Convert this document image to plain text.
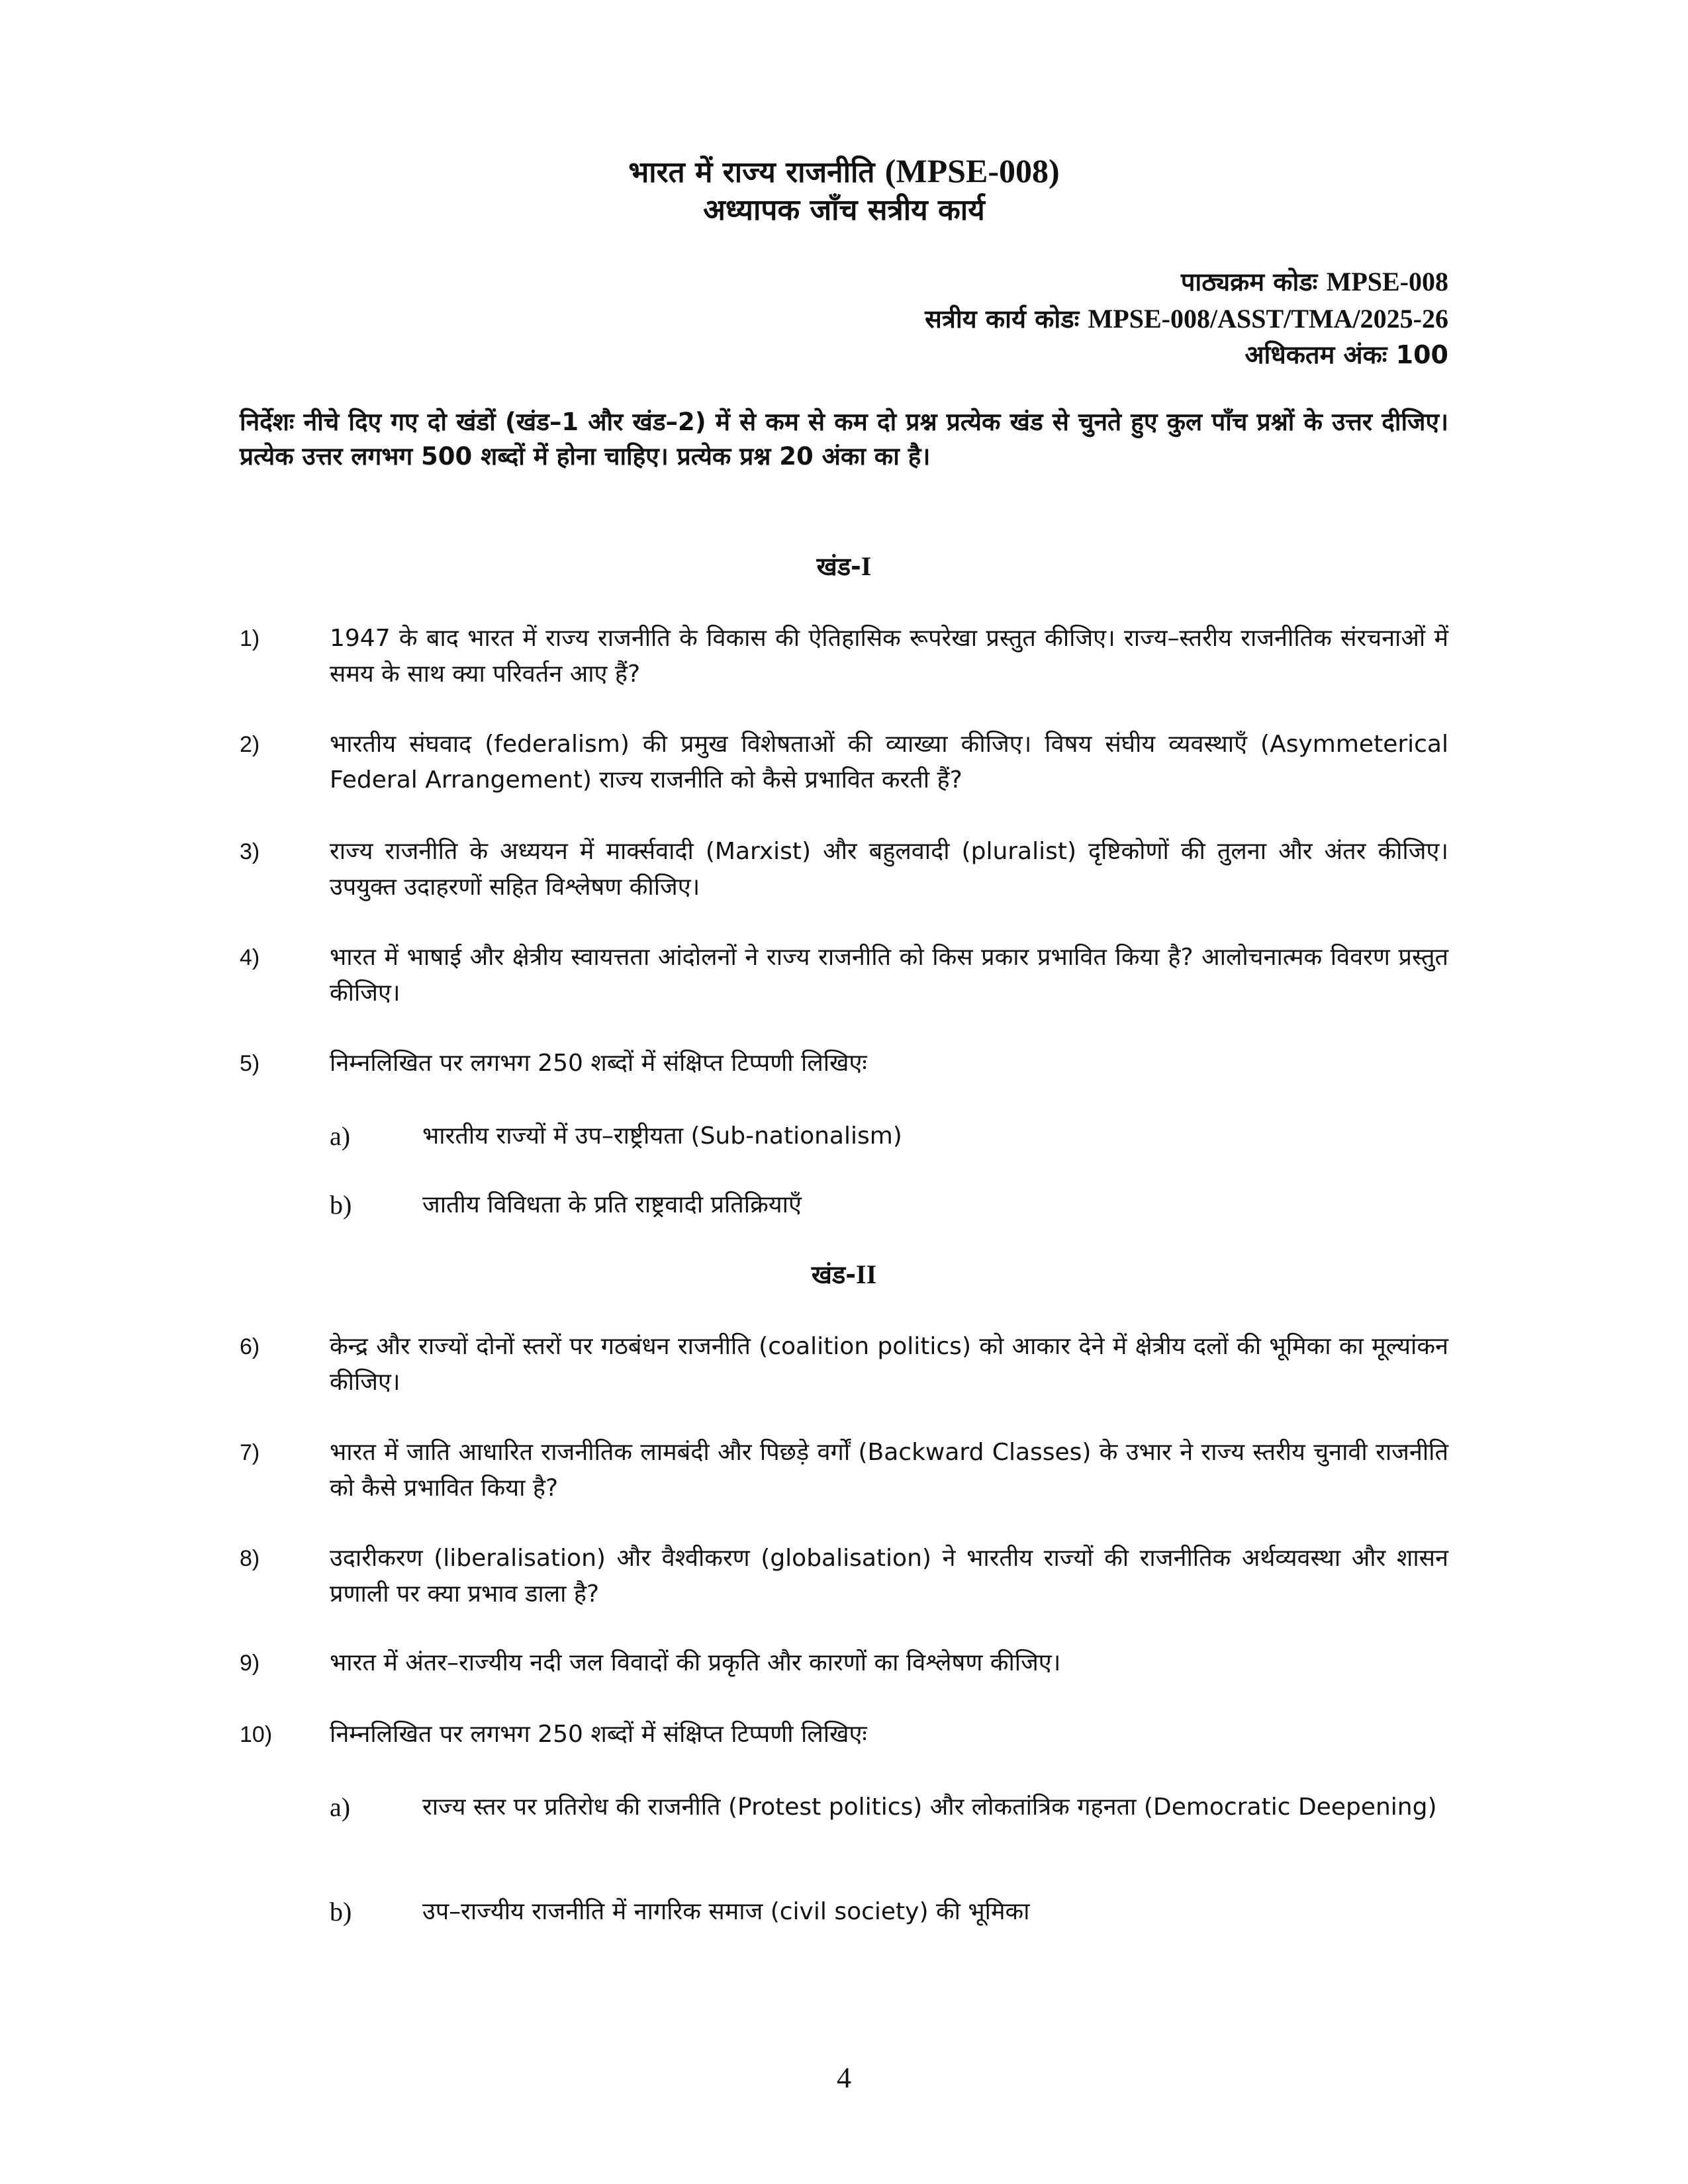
भारत में राज्य राजनीति (MPSE-008)
अध्यापक जाँच सत्रीय कार्य
पाठ्यक्रम कोडः MPSE-008
सत्रीय कार्य कोडः MPSE-008/ASST/TMA/2025-26
अधिकतम अंकः 100
निर्देशः नीचे दिए गए दो खंडों (खंड–1 और खंड–2) में से कम से कम दो प्रश्न प्रत्येक खंड से चुनते हुए कुल पाँच प्रश्नों के उत्तर दीजिए। प्रत्येक उत्तर लगभग 500 शब्दों में होना चाहिए। प्रत्येक प्रश्न 20 अंका का है।
खंड-I
1)	1947 के बाद भारत में राज्य राजनीति के विकास की ऐतिहासिक रूपरेखा प्रस्तुत कीजिए। राज्य–स्तरीय राजनीतिक संरचनाओं में समय के साथ क्या परिवर्तन आए हैं?
2)	भारतीय संघवाद (federalism) की प्रमुख विशेषताओं की व्याख्या कीजिए। विषय संघीय व्यवस्थाएँ (Asymmeterical Federal Arrangement) राज्य राजनीति को कैसे प्रभावित करती हैं?
3)	राज्य राजनीति के अध्ययन में मार्क्सवादी (Marxist) और बहुलवादी (pluralist) दृष्टिकोणों की तुलना और अंतर कीजिए। उपयुक्त उदाहरणों सहित विश्लेषण कीजिए।
4)	भारत में भाषाई और क्षेत्रीय स्वायत्तता आंदोलनों ने राज्य राजनीति को किस प्रकार प्रभावित किया है? आलोचनात्मक विवरण प्रस्तुत कीजिए।
5)	निम्नलिखित पर लगभग 250 शब्दों में संक्षिप्त टिप्पणी लिखिएः
a)	भारतीय राज्यों में उप–राष्ट्रीयता (Sub-nationalism)
b)	जातीय विविधता के प्रति राष्ट्रवादी प्रतिक्रियाएँ
खंड-II
6)	केन्द्र और राज्यों दोनों स्तरों पर गठबंधन राजनीति (coalition politics) को आकार देने में क्षेत्रीय दलों की भूमिका का मूल्यांकन कीजिए।
7)	भारत में जाति आधारित राजनीतिक लामबंदी और पिछड़े वर्गों (Backward Classes) के उभार ने राज्य स्तरीय चुनावी राजनीति को कैसे प्रभावित किया है?
8)	उदारीकरण (liberalisation) और वैश्वीकरण (globalisation) ने भारतीय राज्यों की राजनीतिक अर्थव्यवस्था और शासन प्रणाली पर क्या प्रभाव डाला है?
9)	भारत में अंतर–राज्यीय नदी जल विवादों की प्रकृति और कारणों का विश्लेषण कीजिए।
10) निम्नलिखित पर लगभग 250 शब्दों में संक्षिप्त टिप्पणी लिखिएः
a)	राज्य स्तर पर प्रतिरोध की राजनीति (Protest politics) और लोकतांत्रिक गहनता (Democratic Deepening)
b)	उप–राज्यीय राजनीति में नागरिक समाज (civil society) की भूमिका
4
